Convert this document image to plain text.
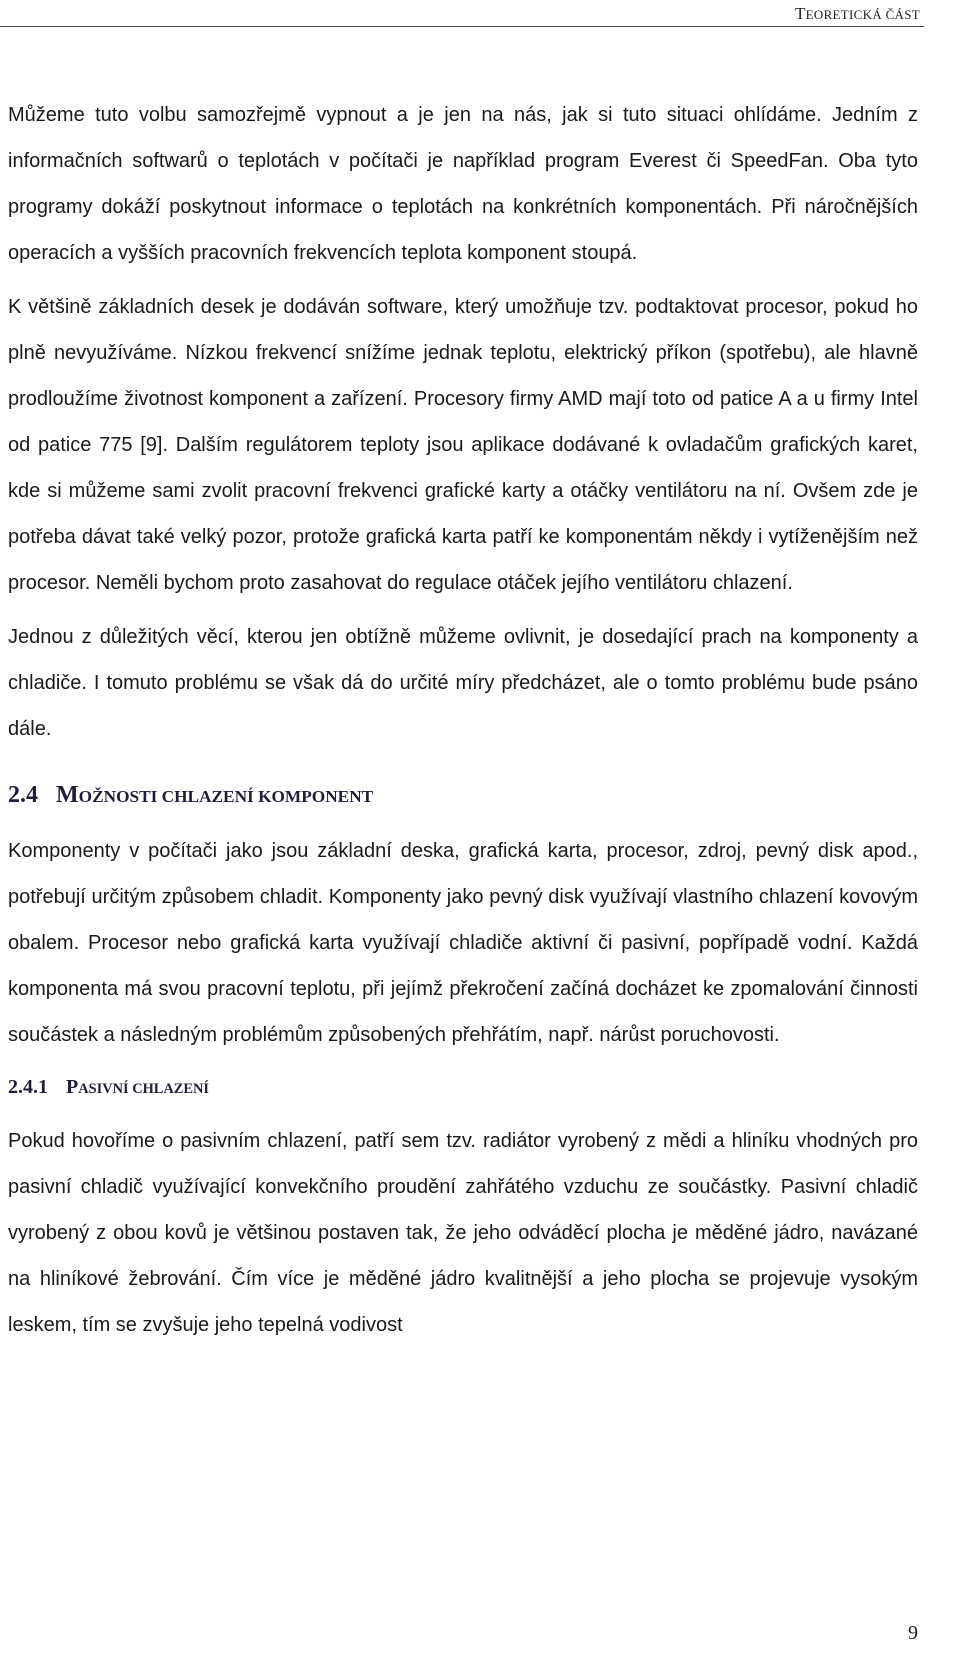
TEORETICKÁ ČÁST

Můžeme tuto volbu samozřejmě vypnout a je jen na nás, jak si tuto situaci ohlídáme. Jedním z informačních softwarů o teplotách v počítači je například program Everest či SpeedFan. Oba tyto programy dokáží poskytnout informace o teplotách na konkrétních komponentách. Při náročnějších operacích a vyšších pracovních frekvencích teplota komponent stoupá.

K většině základních desek je dodáván software, který umožňuje tzv. podtaktovat procesor, pokud ho plně nevyužíváme. Nízkou frekvencí snížíme jednak teplotu, elektrický příkon (spotřebu), ale hlavně prodloužíme životnost komponent a zařízení. Procesory firmy AMD mají toto od patice A a u firmy Intel od patice 775 [9]. Dalším regulátorem teploty jsou aplikace dodávané k ovladačům grafických karet, kde si můžeme sami zvolit pracovní frekvenci grafické karty a otáčky ventilátoru na ní. Ovšem zde je potřeba dávat také velký pozor, protože grafická karta patří ke komponentám někdy i vytíženějším než procesor. Neměli bychom proto zasahovat do regulace otáček jejího ventilátoru chlazení.

Jednou z důležitých věcí, kterou jen obtížně můžeme ovlivnit, je dosedající prach na komponenty a chladiče. I tomuto problému se však dá do určité míry předcházet, ale o tomto problému bude psáno dále.

2.4 MOŽNOSTI CHLAZENÍ KOMPONENT

Komponenty v počítači jako jsou základní deska, grafická karta, procesor, zdroj, pevný disk apod., potřebují určitým způsobem chladit. Komponenty jako pevný disk využívají vlastního chlazení kovovým obalem. Procesor nebo grafická karta využívají chladiče aktivní či pasivní, popřípadě vodní. Každá komponenta má svou pracovní teplotu, při jejímž překročení začíná docházet ke zpomalování činnosti součástek a následným problémům způsobených přehřátím, např. nárůst poruchovosti.

2.4.1 PASIVNÍ CHLAZENÍ

Pokud hovoříme o pasivním chlazení, patří sem tzv. radiátor vyrobený z mědi a hliníku vhodných pro pasivní chladič využívající konvekčního proudění zahřátého vzduchu ze součástky. Pasivní chladič vyrobený z obou kovů je většinou postaven tak, že jeho odváděcí plocha je měděné jádro, navázané na hliníkové žebrování. Čím více je měděné jádro kvalitnější a jeho plocha se projevuje vysokým leskem, tím se zvyšuje jeho tepelná vodivost

9
